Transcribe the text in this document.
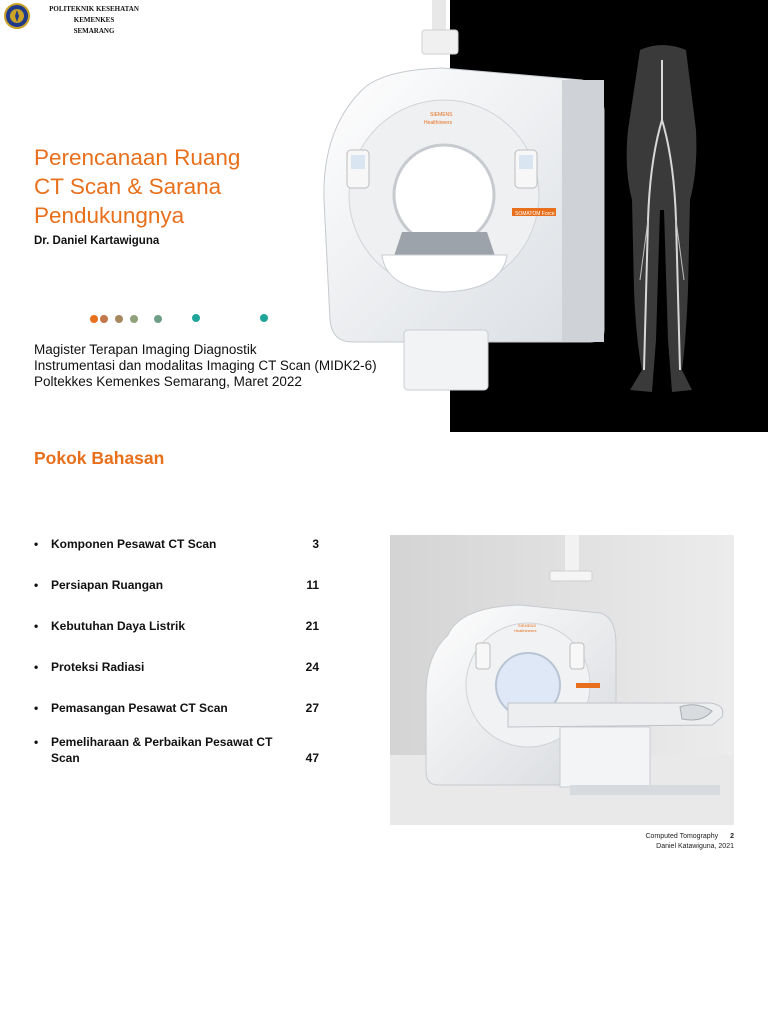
POLITEKNIK KESEHATAN KEMENKES
SEMARANG
SOMATOM Force
SIEMENS
Healthineers
Perencanaan Ruang
CT Scan & Sarana
Pendukungnya
Dr. Daniel Kartawiguna
Magister Terapan Imaging Diagnostik
Instrumentasi dan modalitas Imaging CT Scan (MIDK2-6)
Poltekkes Kemenkes Semarang, Maret 2022
Pokok Bahasan
• Komponen Pesawat CT Scan	3
• Persiapan Ruangan	11
• Kebutuhan Daya Listrik	21
• Proteksi Radiasi	24
• Pemasangan Pesawat CT Scan	27
• Pemeliharaan & Perbaikan Pesawat CT Scan	47
SIEMENS
Healthineers
Computed Tomography 2
Daniel Katawiguna, 2021
